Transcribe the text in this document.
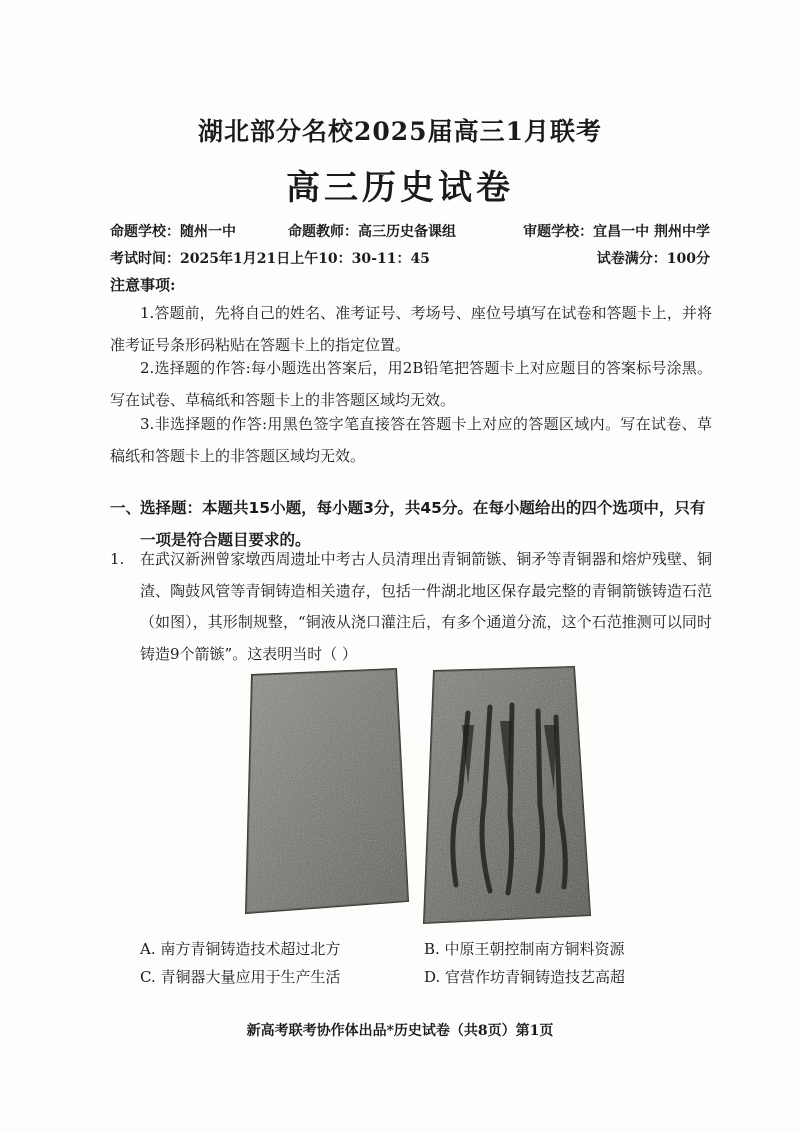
湖北部分名校2025届高三1月联考
高三历史试卷
命题学校：随州一中	命题教师：高三历史备课组	审题学校：宜昌一中 荆州中学
考试时间：2025年1月21日上午10：30-11：45	试卷满分：100分
注意事项:
1.答题前，先将自己的姓名、准考证号、考场号、座位号填写在试卷和答题卡上，并将准考证号条形码粘贴在答题卡上的指定位置。
2.选择题的作答:每小题选出答案后，用2B铅笔把答题卡上对应题目的答案标号涂黑。写在试卷、草稿纸和答题卡上的非答题区域均无效。
3.非选择题的作答:用黑色签字笔直接答在答题卡上对应的答题区域内。写在试卷、草稿纸和答题卡上的非答题区域均无效。
一、
选择题：本题共15小题，每小题3分，共45分。在每小题给出的四个选项中，只有一项是符合题目要求的。
1.	在武汉新洲曾家墩西周遗址中考古人员清理出青铜箭镞、铜矛等青铜器和熔炉残壁、铜渣、陶鼓风管等青铜铸造相关遗存，包括一件湖北地区保存最完整的青铜箭镞铸造石范（如图），其形制规整，“铜液从浇口灌注后，有多个通道分流，这个石范推测可以同时铸造9个箭镞”。这表明当时（ ）
A. 南方青铜铸造技术超过北方	B. 中原王朝控制南方铜料资源
C. 青铜器大量应用于生产生活	D. 官营作坊青铜铸造技艺高超
新高考联考协作体出品*历史试卷（共8页）第1页
